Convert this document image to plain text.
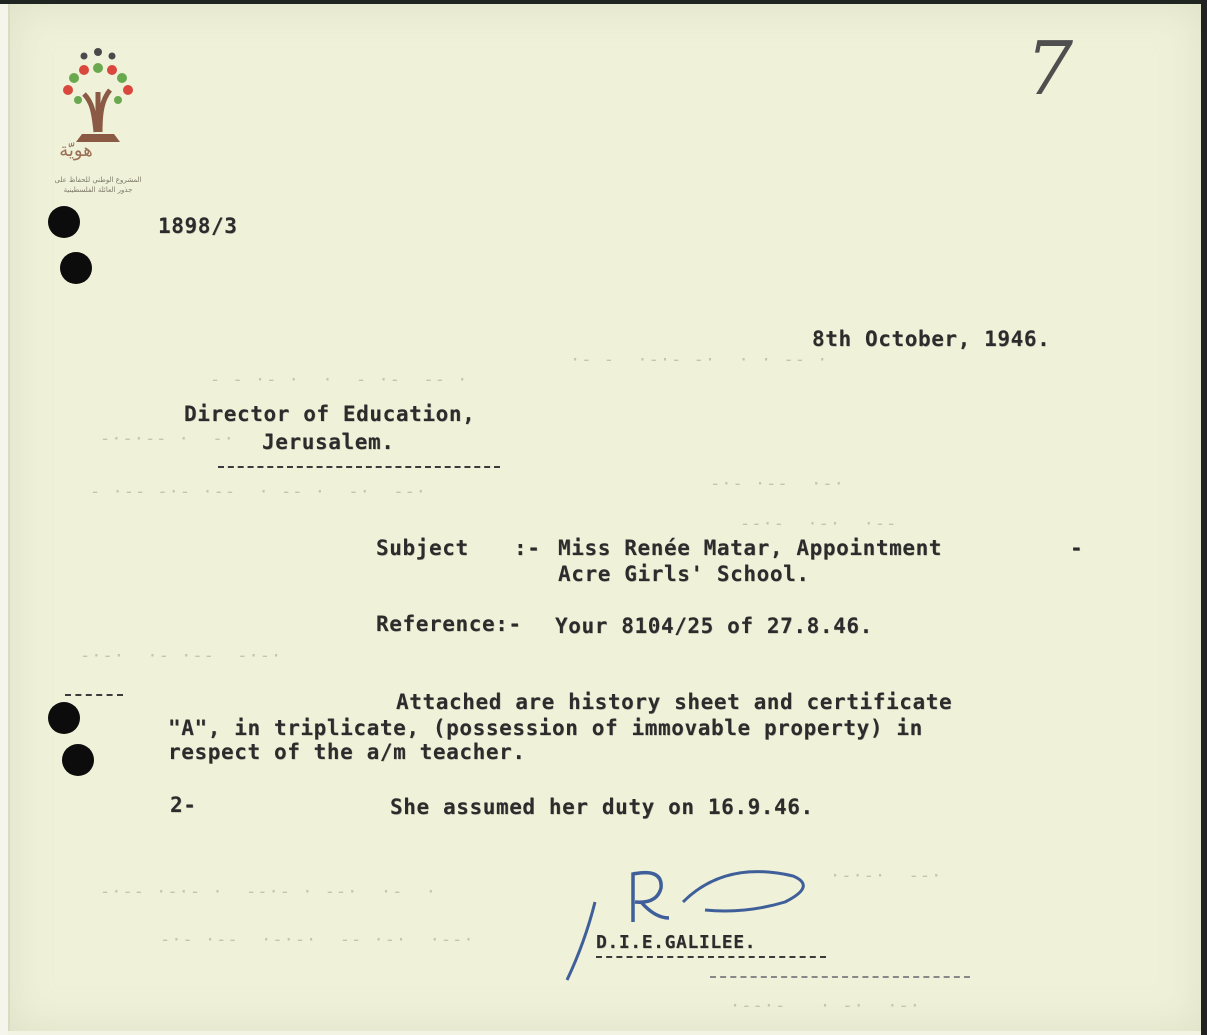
- - ·- ·  ·  - ·-  -- ·
·- -  ·-·- -·  · · -- ·
-·-·-- ·  -·
- ·-- -·- ·--  · -- ·  -·  --·	-·- ·--  ·-·
--·-  ·-·  ·--
-·-·  ·- ·--  -·-·
-·-- ·-·- ·  --·- · --·  ·-  ·
-·- ·--  ·-·-·  -- ·-·  ·--·
·-·-·  --·
·--·-   · -·  ·-·
هويّة
المشروع الوطني للحفاظ على
جذور العائلة الفلسطينية
7
1898/3
8th October, 1946.
Director of Education,
Jerusalem.
Subject :- Miss Renée Matar, Appointment	-
Acre Girls' School.
Reference:- Your 8104/25 of 27.8.46.
Attached are history sheet and certificate
"A", in triplicate, (possession of immovable property) in
respect of the a/m teacher.
2-	She assumed her duty on 16.9.46.
R
D.I.E.GALILEE.
